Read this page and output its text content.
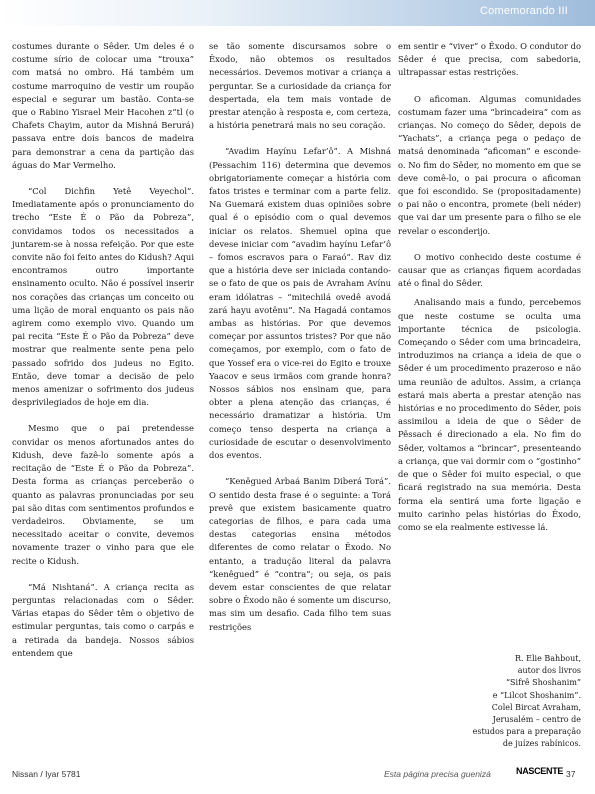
Comemorando III

costumes durante o Sêder. Um deles é o costume sírio de colocar uma “trouxa” com matsá no ombro. Há também um costume marroquino de vestir um roupão especial e segurar um bastão. Conta-se que o Rabino Yisrael Meir Hacohen z”tl (o Chafets Chayim, autor da Mishná Berurá) passava entre dois bancos de madeira para demonstrar a cena da partição das águas do Mar Vermelho.

“Col Dichfin Yetê Veyechol”. Imediatamente após o pronunciamento do trecho “Este É o Pão da Pobreza”, convidamos todos os necessitados a juntarem-se à nossa refeição. Por que este convite não foi feito antes do Kidush? Aqui encontramos outro importante ensinamento oculto. Não é possível inserir nos corações das crianças um conceito ou uma lição de moral enquanto os pais não agirem como exemplo vivo. Quando um pai recita “Este É o Pão da Pobreza” deve mostrar que realmente sente pena pelo passado sofrido dos judeus no Egito. Então, deve tomar a decisão de pelo menos amenizar o sofrimento dos judeus desprivilegiados de hoje em dia.

Mesmo que o pai pretendesse convidar os menos afortunados antes do Kidush, deve fazê-lo somente após a recitação de “Este É o Pão da Pobreza”. Desta forma as crianças perceberão o quanto as palavras pronunciadas por seu pai são ditas com sentimentos profundos e verdadeiros. Obviamente, se um necessitado aceitar o convite, devemos novamente trazer o vinho para que ele recite o Kidush.

“Má Nishtaná”. A criança recita as perguntas relacionadas com o Sêder. Várias etapas do Sêder têm o objetivo de estimular perguntas, tais como o carpás e a retirada da bandeja. Nossos sábios entendem que

se tão somente discursamos sobre o Êxodo, não obtemos os resultados necessários. Devemos motivar a criança a perguntar. Se a curiosidade da criança for despertada, ela tem mais vontade de prestar atenção à resposta e, com certeza, a história penetrará mais no seu coração.

“Avadim Hayínu Lefar’ô”. A Mishná (Pessachim 116) determina que devemos obrigatoriamente começar a história com fatos tristes e terminar com a parte feliz. Na Guemará existem duas opiniões sobre qual é o episódio com o qual devemos iniciar os relatos. Shemuel opina que devese iniciar com “avadim hayínu Lefar’ô – fomos escravos para o Faraó”. Rav diz que a história deve ser iniciada contando-se o fato de que os pais de Avraham Avínu eram idólatras – “mitechilá ovedê avodá zará hayu avotênu”. Na Hagadá contamos ambas as histórias. Por que devemos começar por assuntos tristes? Por que não começamos, por exemplo, com o fato de que Yossef era o vice-rei do Egito e trouxe Yaacov e seus irmãos com grande honra? Nossos sábios nos ensinam que, para obter a plena atenção das crianças, é necessário dramatizar a história. Um começo tenso desperta na criança a curiosidade de escutar o desenvolvimento dos eventos.

“Kenêgued Arbaá Banim Diberá Torá”. O sentido desta frase é o seguinte: a Torá prevê que existem basicamente quatro categorias de filhos, e para cada uma destas categorias ensina métodos diferentes de como relatar o Êxodo. No entanto, a tradução literal da palavra “kenêgued” é “contra”; ou seja, os pais devem estar conscientes de que relatar sobre o Êxodo não é somente um discurso, mas sim um desafio. Cada filho tem suas restrições

em sentir e “viver” o Êxodo. O condutor do Sêder é que precisa, com sabedoria, ultrapassar estas restrições.

O aficoman. Algumas comunidades costumam fazer uma “brincadeira” com as crianças. No começo do Sêder, depois de “Yachats”, a criança pega o pedaço de matsá denominada “aficoman” e esconde-o. No fim do Sêder, no momento em que se deve comê-lo, o pai procura o aficoman que foi escondido. Se (propositadamente) o pai não o encontra, promete (beli néder) que vai dar um presente para o filho se ele revelar o esconderijo.

O motivo conhecido deste costume é causar que as crianças fiquem acordadas até o final do Sêder.

Analisando mais a fundo, percebemos que neste costume se oculta uma importante técnica de psicologia. Começando o Sêder com uma brincadeira, introduzimos na criança a ideia de que o Sêder é um procedimento prazeroso e não uma reunião de adultos. Assim, a criança estará mais aberta a prestar atenção nas histórias e no procedimento do Sêder, pois assimilou a ideia de que o Sêder de Pêssach é direcionado a ela. No fim do Sêder, voltamos a “brincar”, presenteando a criança, que vai dormir com o “gostinho” de que o Sêder foi muito especial, o que ficará registrado na sua memória. Desta forma ela sentirá uma forte ligação e muito carinho pelas histórias do Êxodo, como se ela realmente estivesse lá.

R. Elie Bahbout,
autor dos livros
“Sifrê Shoshanim”
e “Lilcot Shoshanim”.
Colel Bircat Avraham,
Jerusalém – centro de
estudos para a preparação
de juízes rabínicos.
Nissan / Iyar 5781	Esta página precisa guenizá	NASCENTE 37
